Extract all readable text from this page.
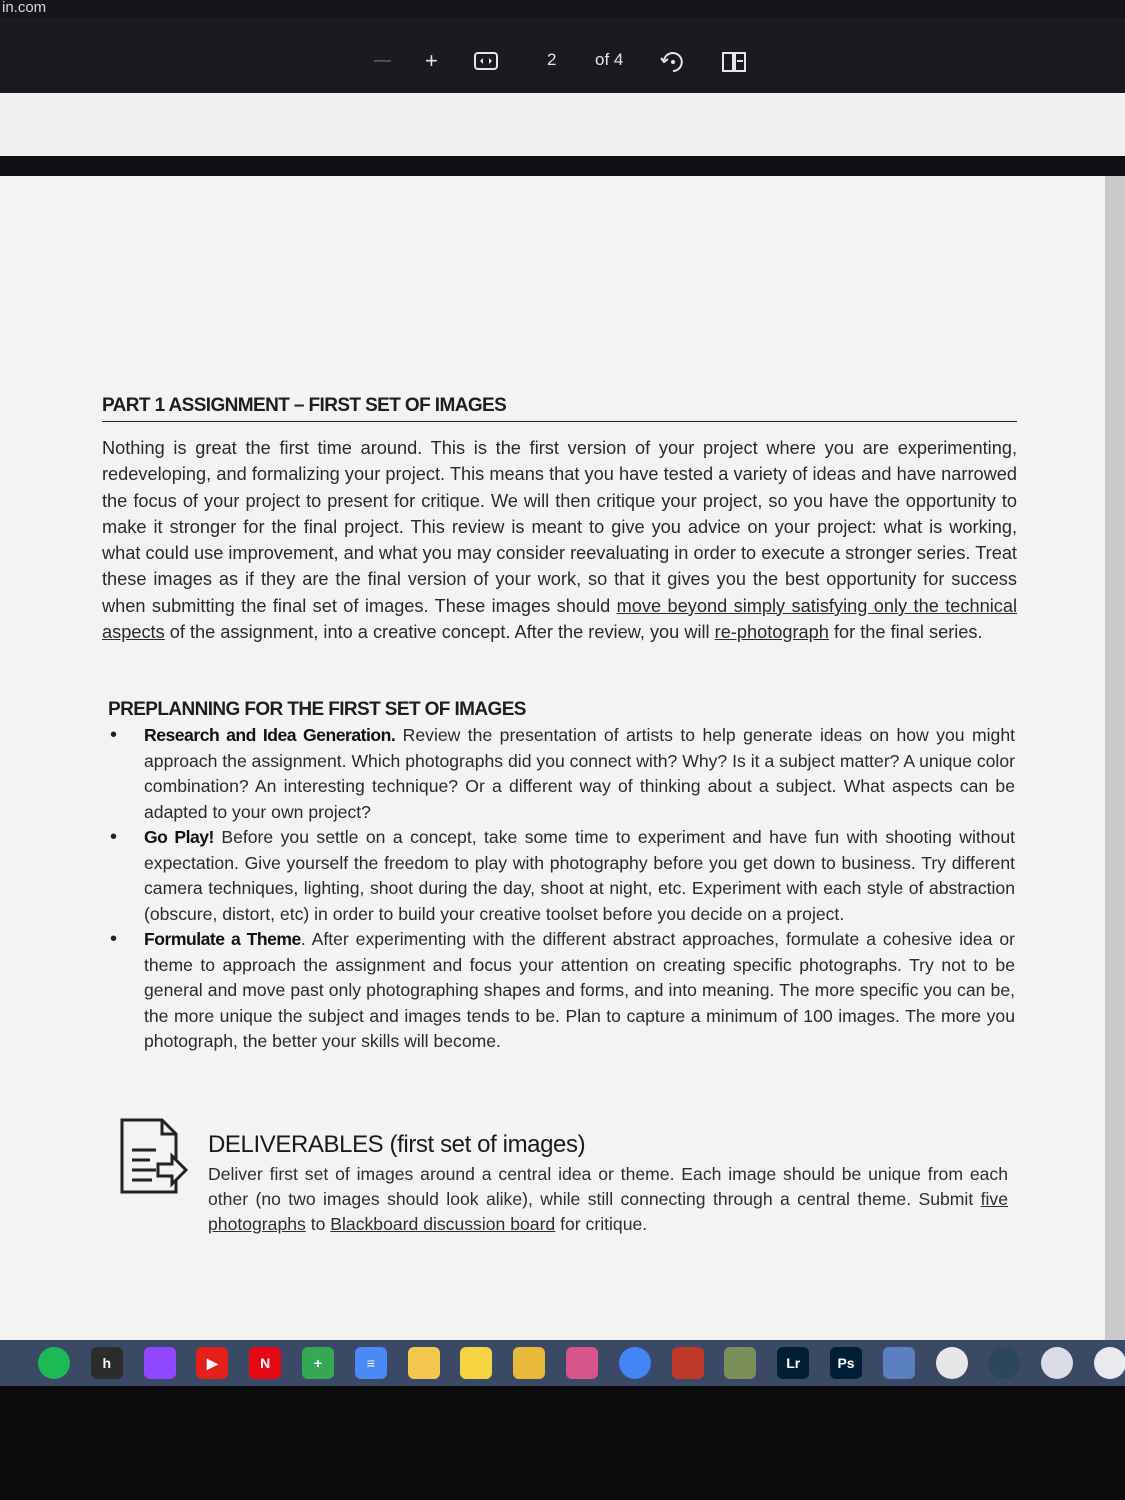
in.com
— +	2 of 4
PART 1 ASSIGNMENT – FIRST SET OF IMAGES
Nothing is great the first time around. This is the first version of your project where you are experimenting, redeveloping, and formalizing your project. This means that you have tested a variety of ideas and have narrowed the focus of your project to present for critique. We will then critique your project, so you have the opportunity to make it stronger for the final project. This review is meant to give you advice on your project: what is working, what could use improvement, and what you may consider reevaluating in order to execute a stronger series. Treat these images as if they are the final version of your work, so that it gives you the best opportunity for success when submitting the final set of images. These images should move beyond simply satisfying only the technical aspects of the assignment, into a creative concept. After the review, you will re-photograph for the final series.
PREPLANNING FOR THE FIRST SET OF IMAGES
• Research and Idea Generation. Review the presentation of artists to help generate ideas on how you might approach the assignment. Which photographs did you connect with? Why? Is it a subject matter? A unique color combination? An interesting technique? Or a different way of thinking about a subject. What aspects can be adapted to your own project?
• Go Play! Before you settle on a concept, take some time to experiment and have fun with shooting without expectation. Give yourself the freedom to play with photography before you get down to business. Try different camera techniques, lighting, shoot during the day, shoot at night, etc. Experiment with each style of abstraction (obscure, distort, etc) in order to build your creative toolset before you decide on a project.
• Formulate a Theme. After experimenting with the different abstract approaches, formulate a cohesive idea or theme to approach the assignment and focus your attention on creating specific photographs. Try not to be general and move past only photographing shapes and forms, and into meaning. The more specific you can be, the more unique the subject and images tends to be. Plan to capture a minimum of 100 images. The more you photograph, the better your skills will become.
DELIVERABLES (first set of images)
Deliver first set of images around a central idea or theme. Each image should be unique from each other (no two images should look alike), while still connecting through a central theme. Submit five photographs to Blackboard discussion board for critique.
h	▶	N	+	≡	Lr	Ps
